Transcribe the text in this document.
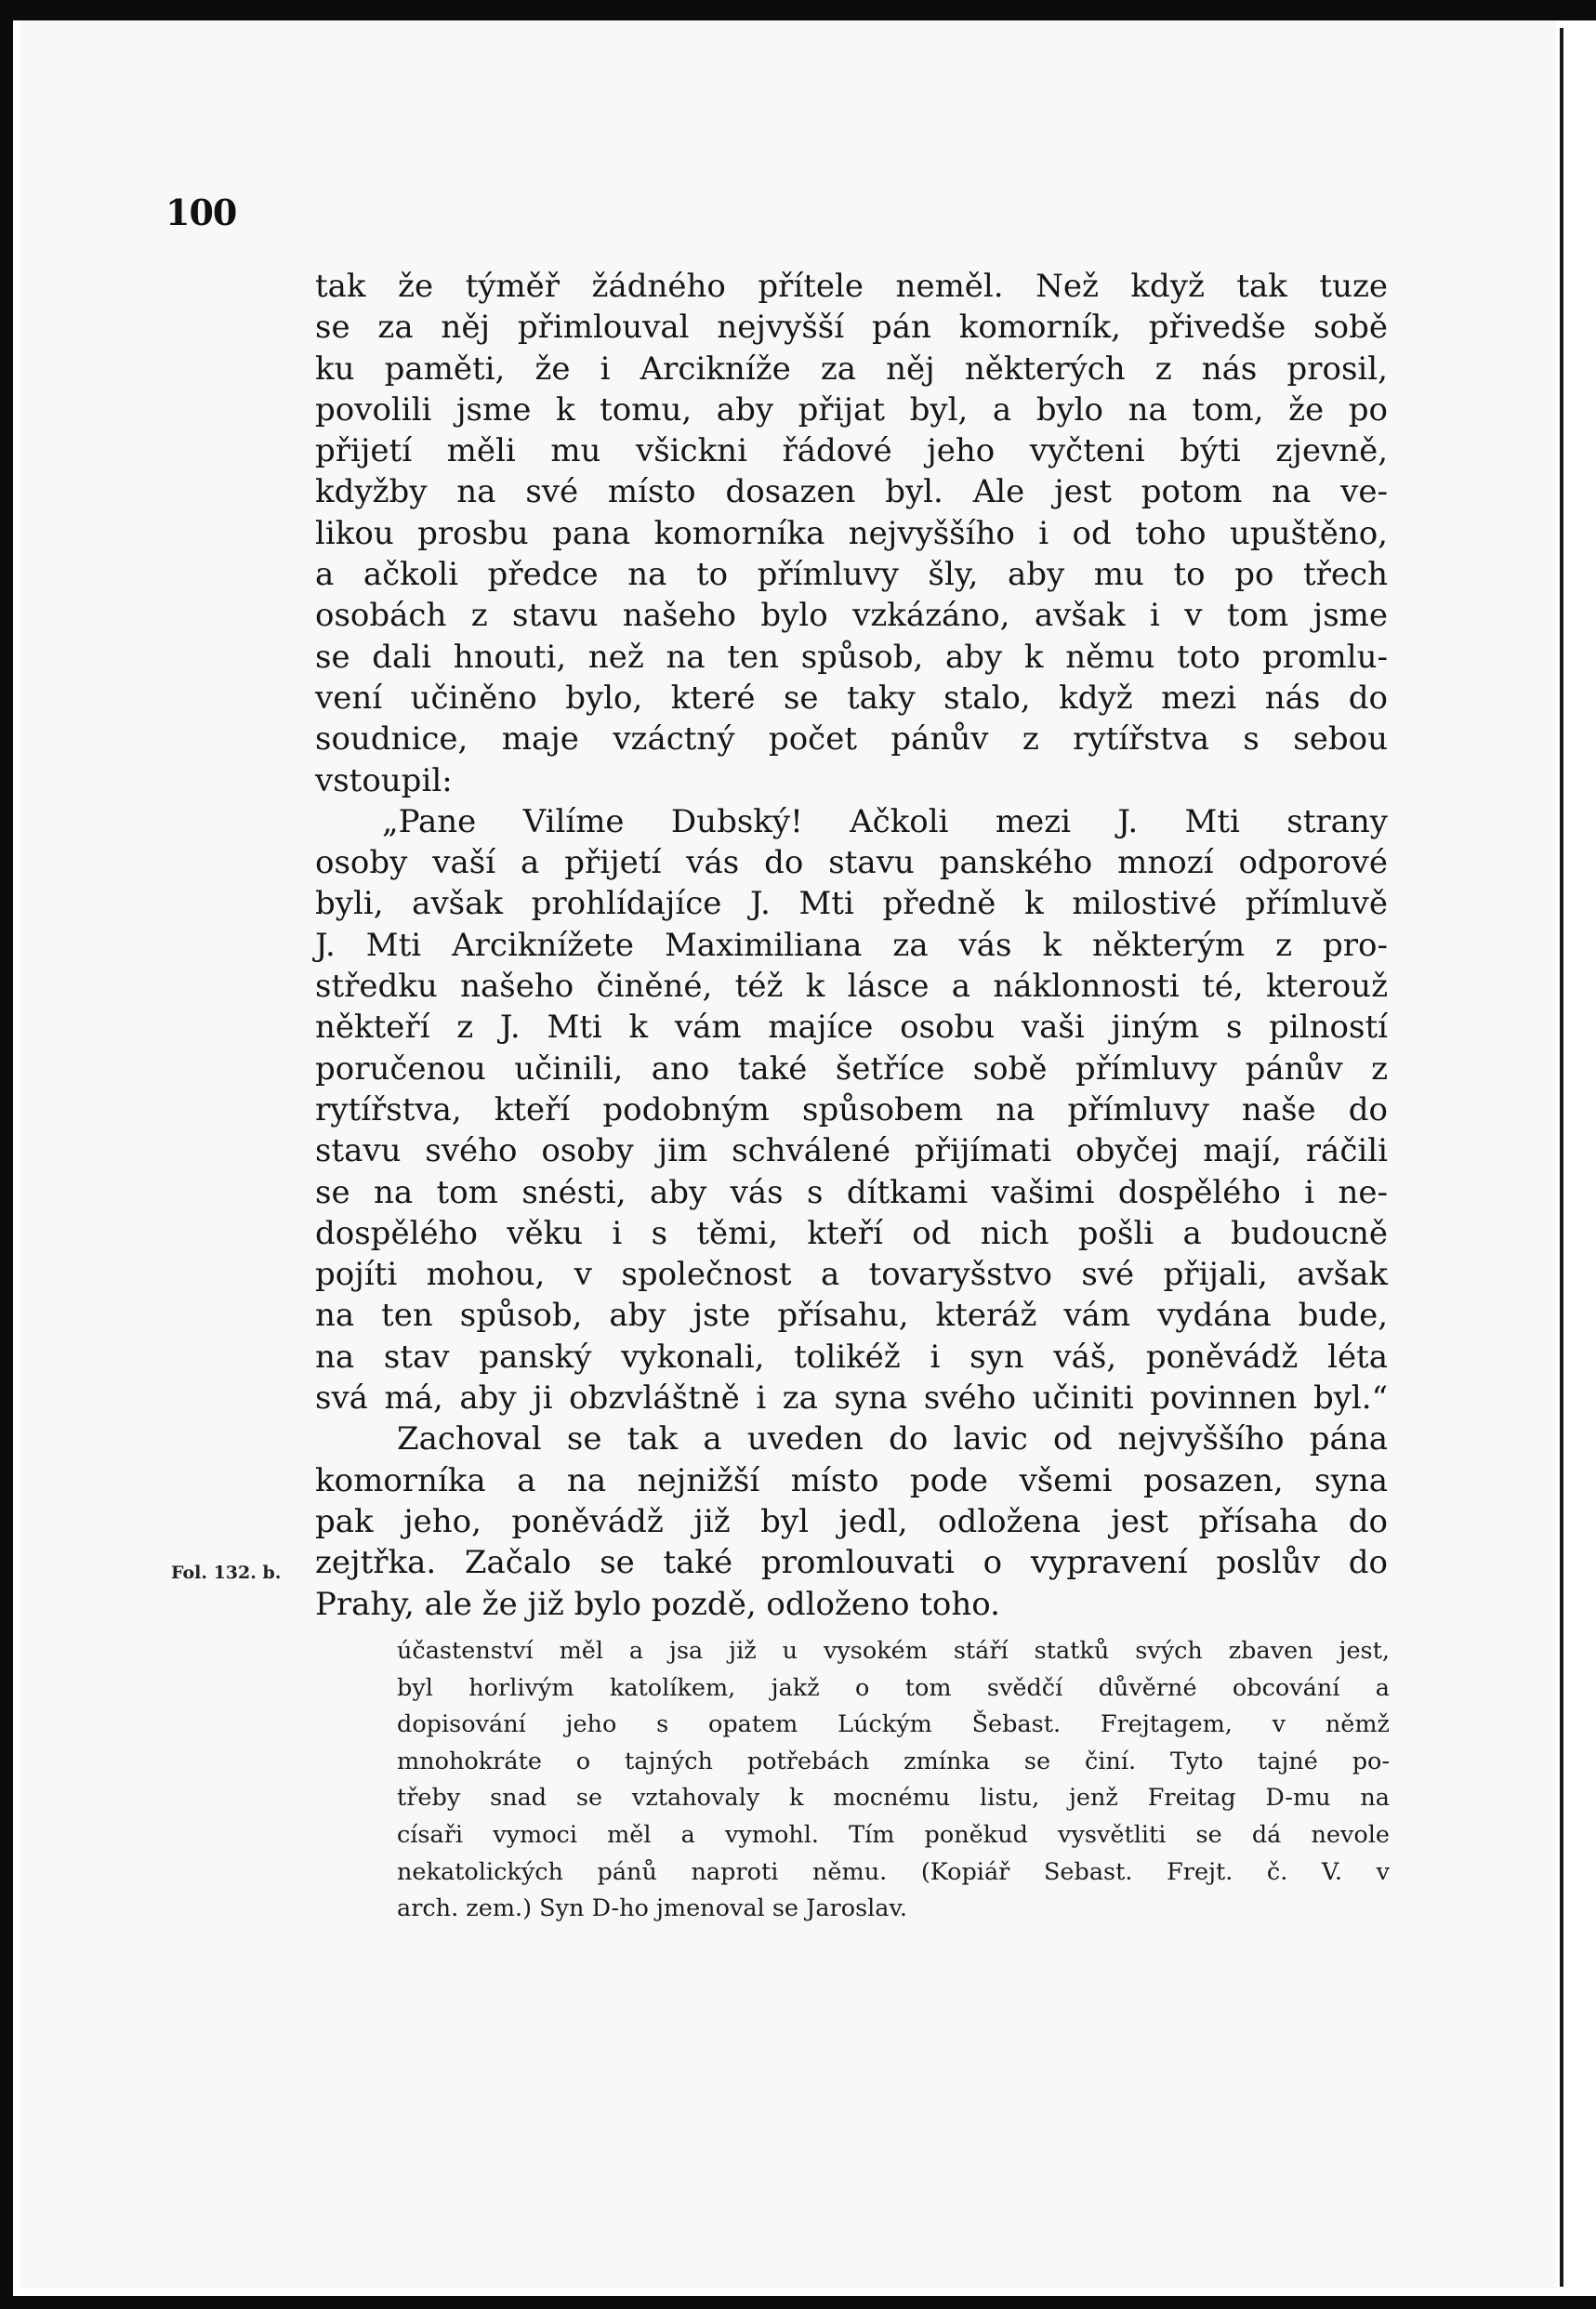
100
tak že týměř žádného přítele neměl. Než když tak tuze
se za něj přimlouval nejvyšší pán komorník, přivedše sobě
ku paměti, že i Arcikníže za něj některých z nás prosil,
povolili jsme k tomu, aby přijat byl, a bylo na tom, že po
přijetí měli mu všickni řádové jeho vyčteni býti zjevně,
kdyžby na své místo dosazen byl. Ale jest potom na ve-
likou prosbu pana komorníka nejvyššího i od toho upuštěno,
a ačkoli předce na to přímluvy šly, aby mu to po třech
osobách z stavu našeho bylo vzkázáno, avšak i v tom jsme
se dali hnouti, než na ten spůsob, aby k němu toto promlu-
vení učiněno bylo, které se taky stalo, když mezi nás do
soudnice, maje vzáctný počet pánův z rytířstva s sebou
vstoupil:
„Pane Vilíme Dubský! Ačkoli mezi J. Mti strany
osoby vaší a přijetí vás do stavu panského mnozí odporové
byli, avšak prohlídajíce J. Mti předně k milostivé přímluvě
J. Mti Arciknížete Maximiliana za vás k některým z pro-
středku našeho činěné, též k lásce a náklonnosti té, kterouž
někteří z J. Mti k vám majíce osobu vaši jiným s pilností
poručenou učinili, ano také šetříce sobě přímluvy pánův z
rytířstva, kteří podobným spůsobem na přímluvy naše do
stavu svého osoby jim schválené přijímati obyčej mají, ráčili
se na tom snésti, aby vás s dítkami vašimi dospělého i ne-
dospělého věku i s těmi, kteří od nich pošli a budoucně
pojíti mohou, v společnost a tovaryšstvo své přijali, avšak
na ten spůsob, aby jste přísahu, kteráž vám vydána bude,
na stav panský vykonali, tolikéž i syn váš, poněvádž léta
svá má, aby ji obzvláštně i za syna svého učiniti povinnen byl.“
Zachoval se tak a uveden do lavic od nejvyššího pána
komorníka a na nejnižší místo pode všemi posazen, syna
pak jeho, poněvádž již byl jedl, odložena jest přísaha do
zejtřka. Začalo se také promlouvati o vypravení poslův do
Prahy, ale že již bylo pozdě, odloženo toho.
Fol. 132. b.
účastenství měl a jsa již u vysokém stáří statků svých zbaven jest,
byl horlivým katolíkem, jakž o tom svědčí důvěrné obcování a
dopisování jeho s opatem Lúckým Šebast. Frejtagem, v němž
mnohokráte o tajných potřebách zmínka se činí. Tyto tajné po-
třeby snad se vztahovaly k mocnému listu, jenž Freitag D-mu na
císaři vymoci měl a vymohl. Tím poněkud vysvětliti se dá nevole
nekatolických pánů naproti němu. (Kopiář Sebast. Frejt. č. V. v
arch. zem.) Syn D-ho jmenoval se Jaroslav.
